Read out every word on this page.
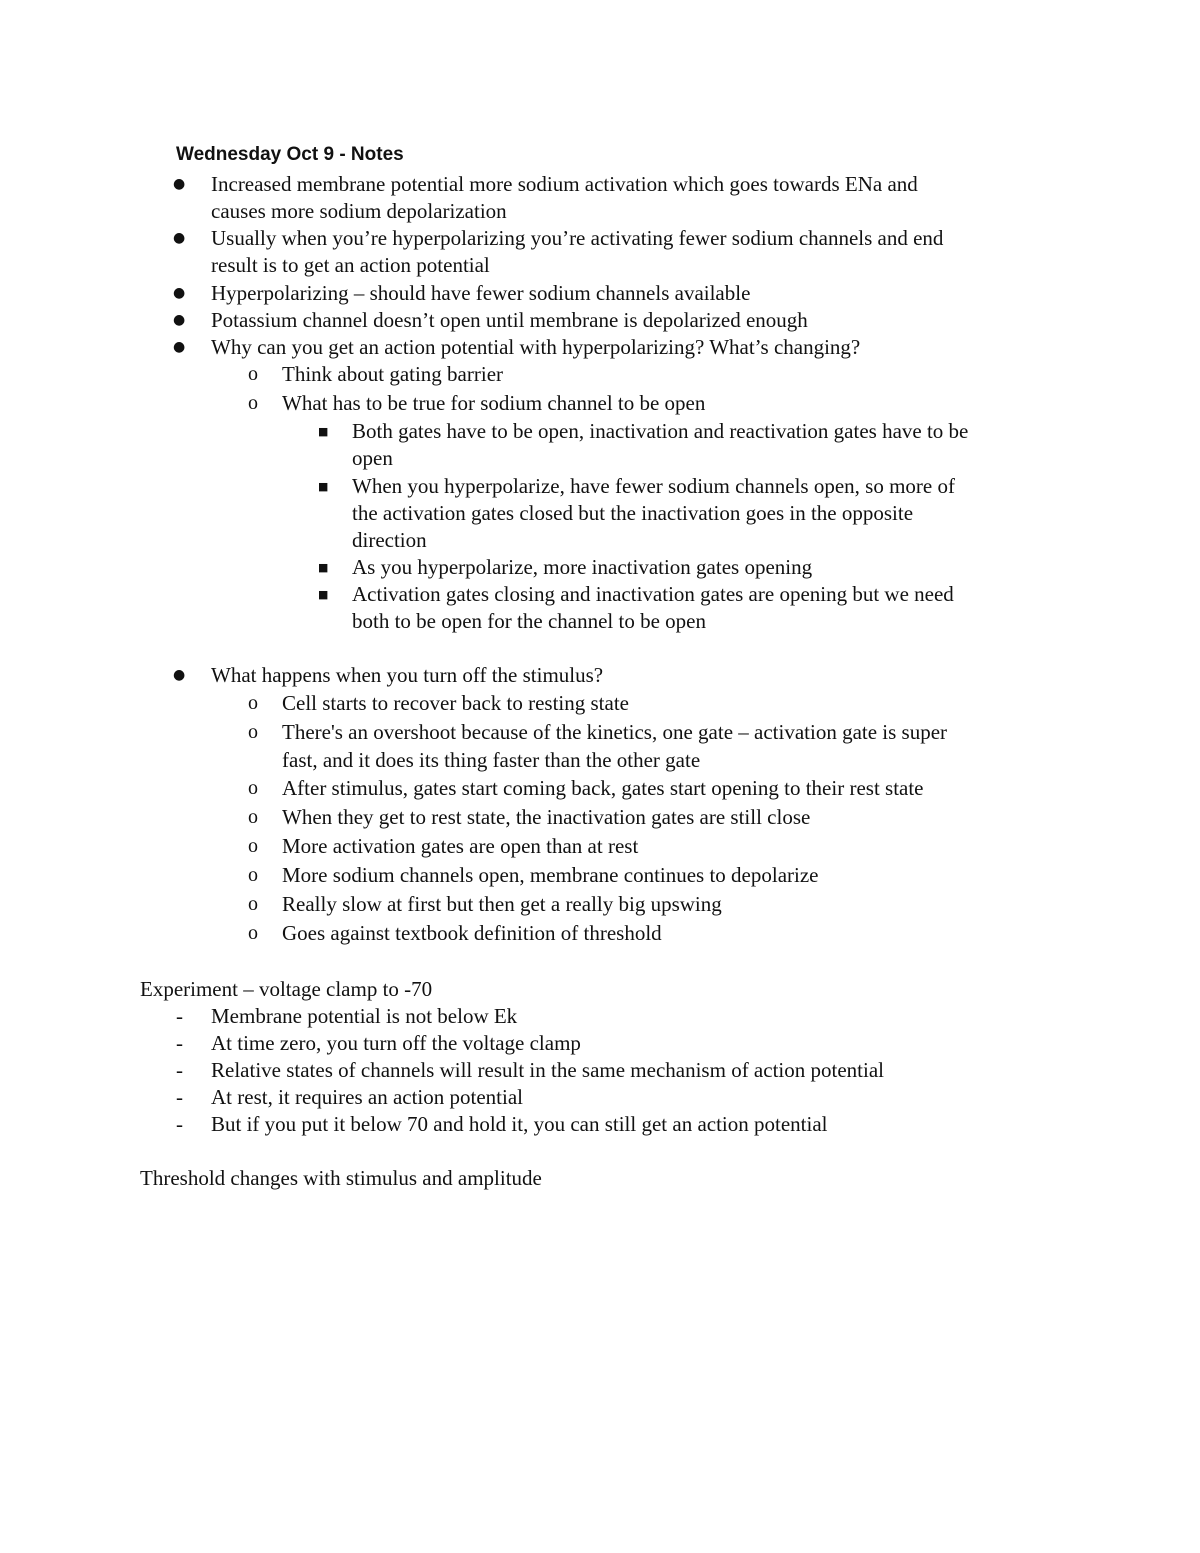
Wednesday Oct 9 - Notes
● Increased membrane potential more sodium activation which goes towards ENa and
causes more sodium depolarization
● Usually when you’re hyperpolarizing you’re activating fewer sodium channels and end
result is to get an action potential
● Hyperpolarizing – should have fewer sodium channels available
● Potassium channel doesn’t open until membrane is depolarized enough
● Why can you get an action potential with hyperpolarizing? What’s changing?
o Think about gating barrier
o What has to be true for sodium channel to be open
■ Both gates have to be open, inactivation and reactivation gates have to be
open
■ When you hyperpolarize, have fewer sodium channels open, so more of
the activation gates closed but the inactivation goes in the opposite
direction
■ As you hyperpolarize, more inactivation gates opening
■ Activation gates closing and inactivation gates are opening but we need
both to be open for the channel to be open
● What happens when you turn off the stimulus?
o Cell starts to recover back to resting state
o There's an overshoot because of the kinetics, one gate – activation gate is super
fast, and it does its thing faster than the other gate
o After stimulus, gates start coming back, gates start opening to their rest state
o When they get to rest state, the inactivation gates are still close
o More activation gates are open than at rest
o More sodium channels open, membrane continues to depolarize
o Really slow at first but then get a really big upswing
o Goes against textbook definition of threshold
Experiment – voltage clamp to -70
- Membrane potential is not below Ek
- At time zero, you turn off the voltage clamp
- Relative states of channels will result in the same mechanism of action potential
- At rest, it requires an action potential
- But if you put it below 70 and hold it, you can still get an action potential
Threshold changes with stimulus and amplitude
